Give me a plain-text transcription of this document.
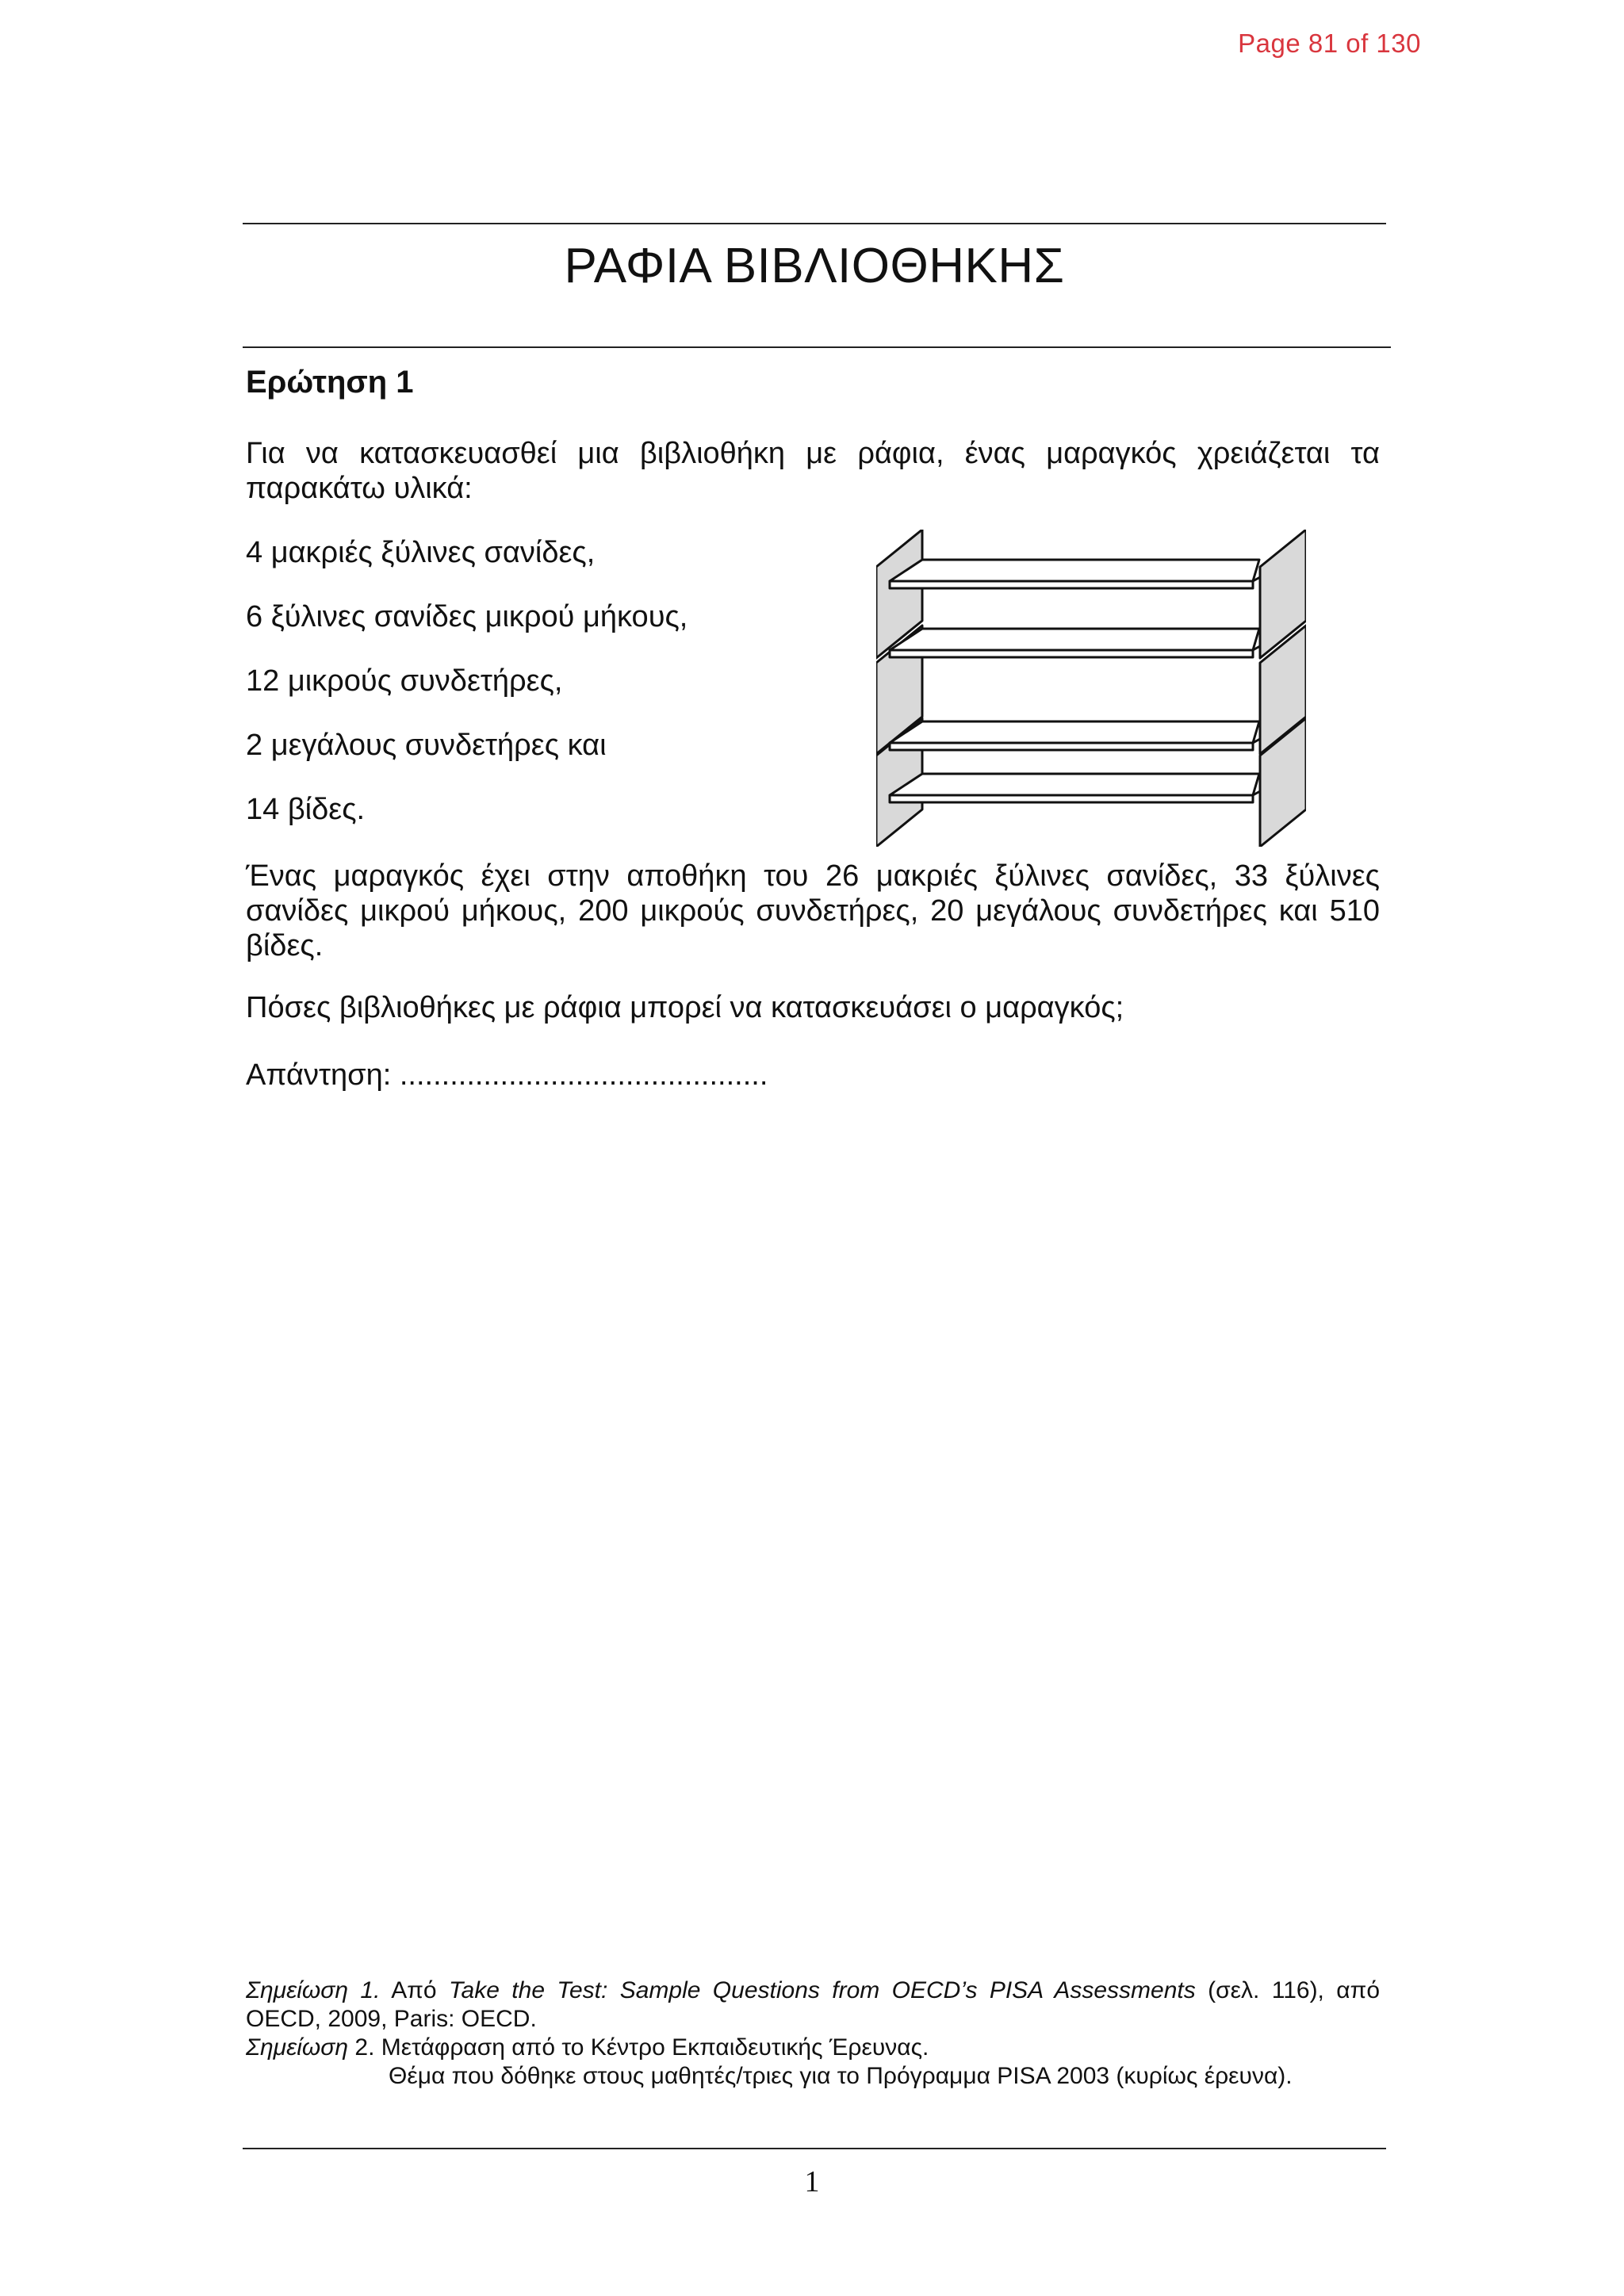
Page 81 of 130
ΡΑΦΙΑ ΒΙΒΛΙΟΘΗΚΗΣ
Ερώτηση 1
Για να κατασκευασθεί μια βιβλιοθήκη με ράφια, ένας μαραγκός χρειάζεται τα παρακάτω υλικά:

4 μακριές ξύλινες σανίδες,

6 ξύλινες σανίδες μικρού μήκους,

12 μικρούς συνδετήρες,

2 μεγάλους συνδετήρες και

14 βίδες.

Ένας μαραγκός έχει στην αποθήκη του 26 μακριές ξύλινες σανίδες, 33 ξύλινες σανίδες μικρού μήκους, 200 μικρούς συνδετήρες, 20 μεγάλους συνδετήρες και 510 βίδες.
Πόσες βιβλιοθήκες με ράφια μπορεί να κατασκευάσει ο μαραγκός;
Απάντηση: ............................................

Σημείωση 1. Από Take the Test: Sample Questions from OECD’s PISA Assessments (σελ. 116), από

OECD, 2009, Paris: OECD.

Σημείωση 2. Μετάφραση από το Κέντρο Εκπαιδευτικής Έρευνας.

Θέμα που δόθηκε στους μαθητές/τριες για το Πρόγραμμα PISA 2003 (κυρίως έρευνα).

1
